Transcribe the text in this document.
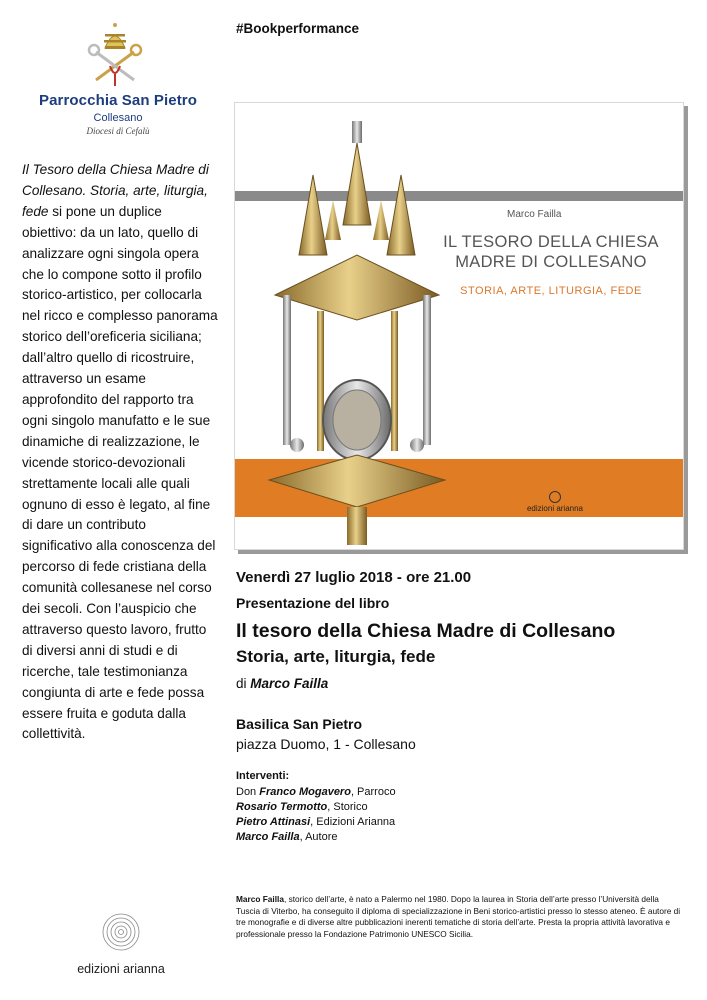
Parrocchia San Pietro
Collesano
Diocesi di Cefalù
Il Tesoro della Chiesa Madre di Collesano. Storia, arte, liturgia, fede si pone un duplice obiettivo: da un lato, quello di analizzare ogni singola opera che lo compone sotto il profilo storico-artistico, per collocarla nel ricco e complesso panorama storico dell’oreficeria siciliana; dall’altro quello di ricostruire, attraverso un esame approfondito del rapporto tra ogni singolo manufatto e le sue dinamiche di realizzazione, le vicende storico-devozionali strettamente locali alle quali ognuno di esso è legato, al fine di dare un contributo significativo alla conoscenza del percorso di fede cristiana della comunità collesanese nel corso dei secoli. Con l’auspicio che attraverso questo lavoro, frutto di diversi anni di studi e di ricerche, tale testimonianza congiunta di arte e fede possa essere fruita e goduta dalla collettività.
edizioni arianna
#Bookperformance
Marco Failla
IL TESORO DELLA CHIESA
MADRE DI COLLESANO
STORIA, ARTE, LITURGIA, FEDE
edizioni arianna
Venerdì 27 luglio 2018 - ore 21.00
Presentazione del libro
Il tesoro della Chiesa Madre di Collesano
Storia, arte, liturgia, fede
di Marco Failla
Basilica San Pietro
piazza Duomo, 1 - Collesano
Interventi:
Don Franco Mogavero, Parroco
Rosario Termotto, Storico
Pietro Attinasi, Edizioni Arianna
Marco Failla, Autore
Marco Failla, storico dell’arte, è nato a Palermo nel 1980. Dopo la laurea in Storia dell’arte presso l’Università della Tuscia di Viterbo, ha conseguito il diploma di specializzazione in Beni storico-artistici presso lo stesso ateneo. È autore di tre monografie e di diverse altre pubblicazioni inerenti tematiche di storia dell’arte. Presta la propria attività lavorativa e professionale presso la Fondazione Patrimonio UNESCO Sicilia.
